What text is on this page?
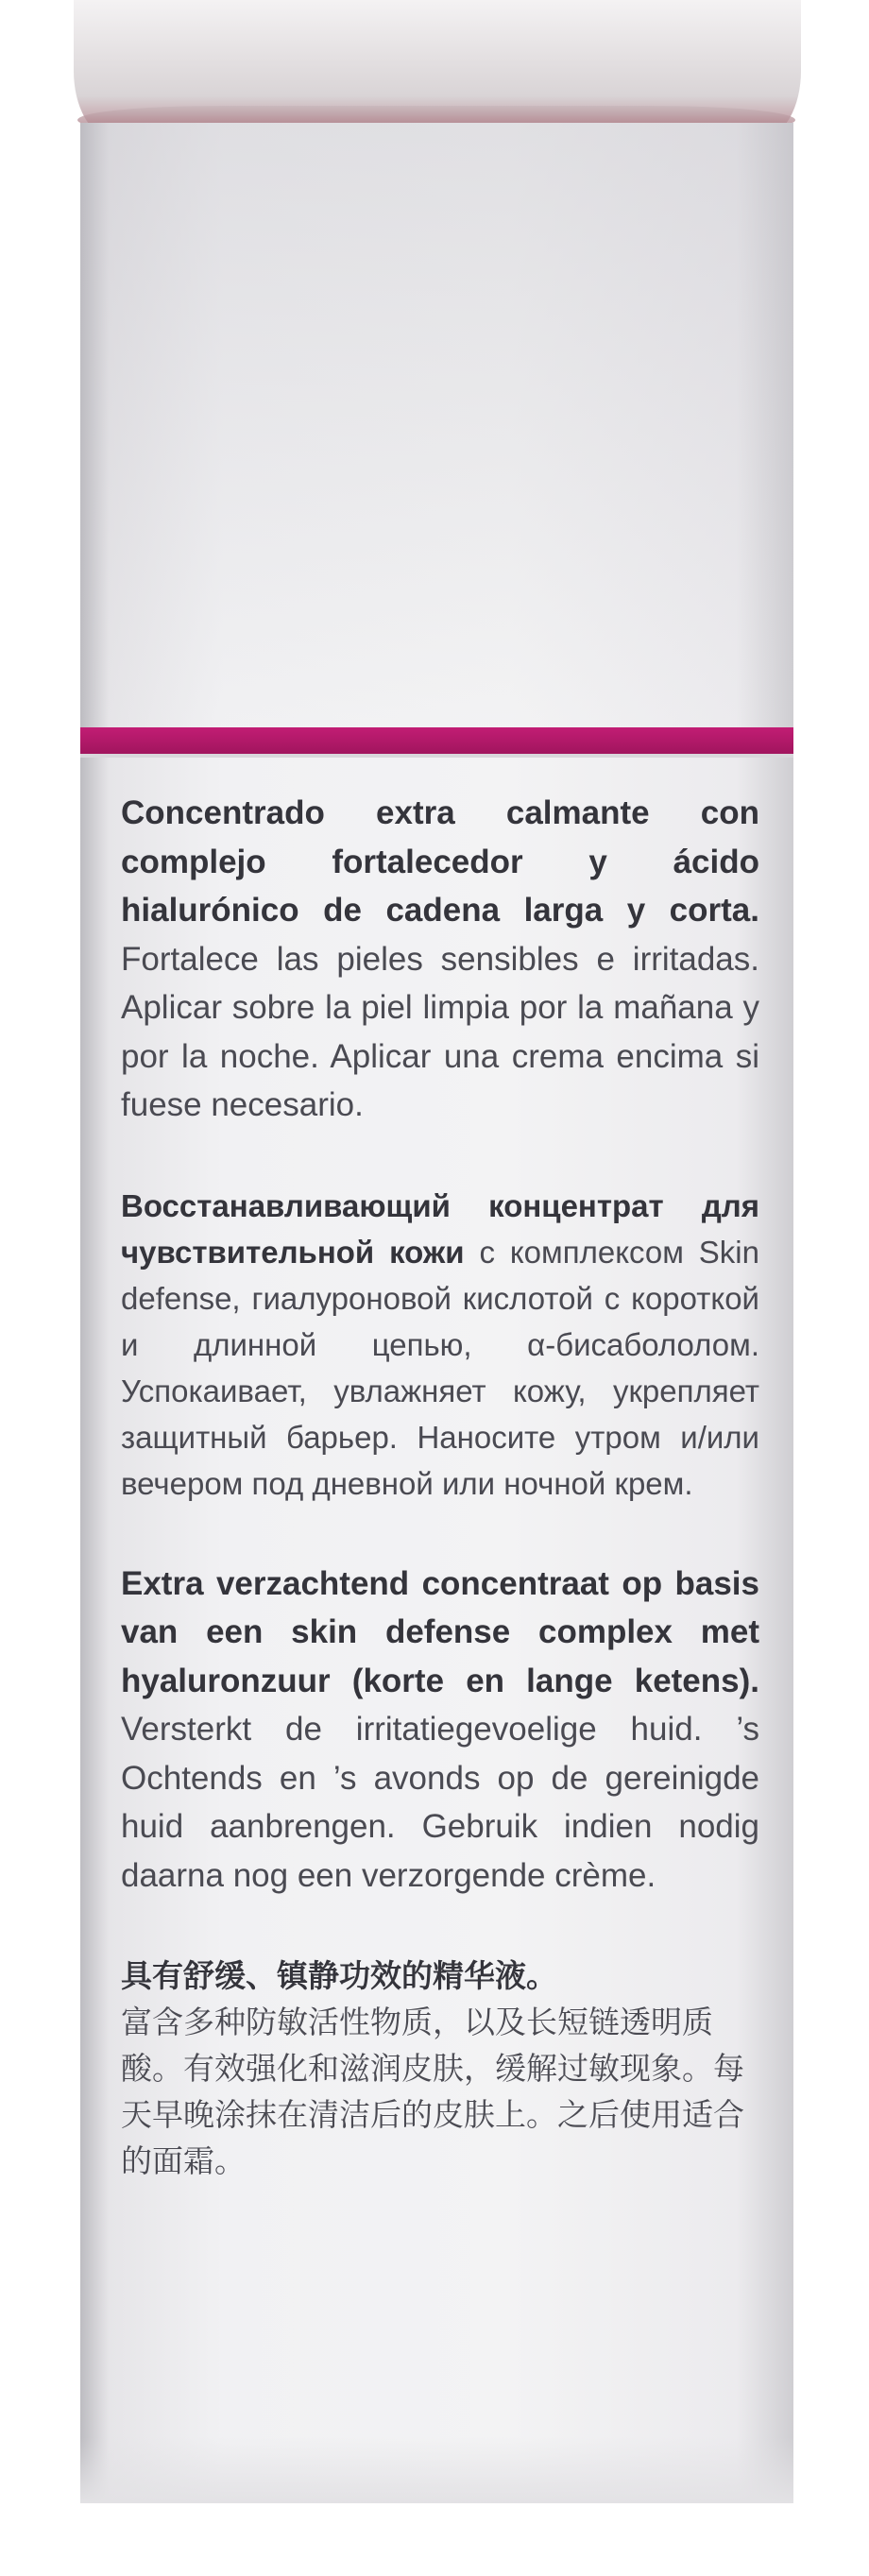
Concentrado extra calmante con complejo fortalecedor y ácido hialurónico de cadena larga y corta. Fortalece las pieles sensibles e irritadas. Aplicar sobre la piel limpia por la mañana y por la noche. Aplicar una crema encima si fuese necesario.

Восстанавливающий концентрат для чувствительной кожи с комплексом Skin defense, гиалуроновой кислотой с короткой и длинной цепью, α-бисабололом. Успокаивает, увлажняет кожу, укрепляет защитный барьер. Наносите утром и/или вечером под дневной или ночной крем.

Extra verzachtend concentraat op basis van een skin defense complex met hyaluronzuur (korte en lange ketens). Versterkt de irritatiegevoelige huid. ’s Ochtends en ’s avonds op de gereinigde huid aanbrengen. Gebruik indien nodig daarna nog een verzorgende crème.

具有舒缓、镇静功效的精华液。
富含多种防敏活性物质，以及长短链透明质酸。有效强化和滋润皮肤，缓解过敏现象。每天早晚涂抹在清洁后的皮肤上。之后使用适合的面霜。
